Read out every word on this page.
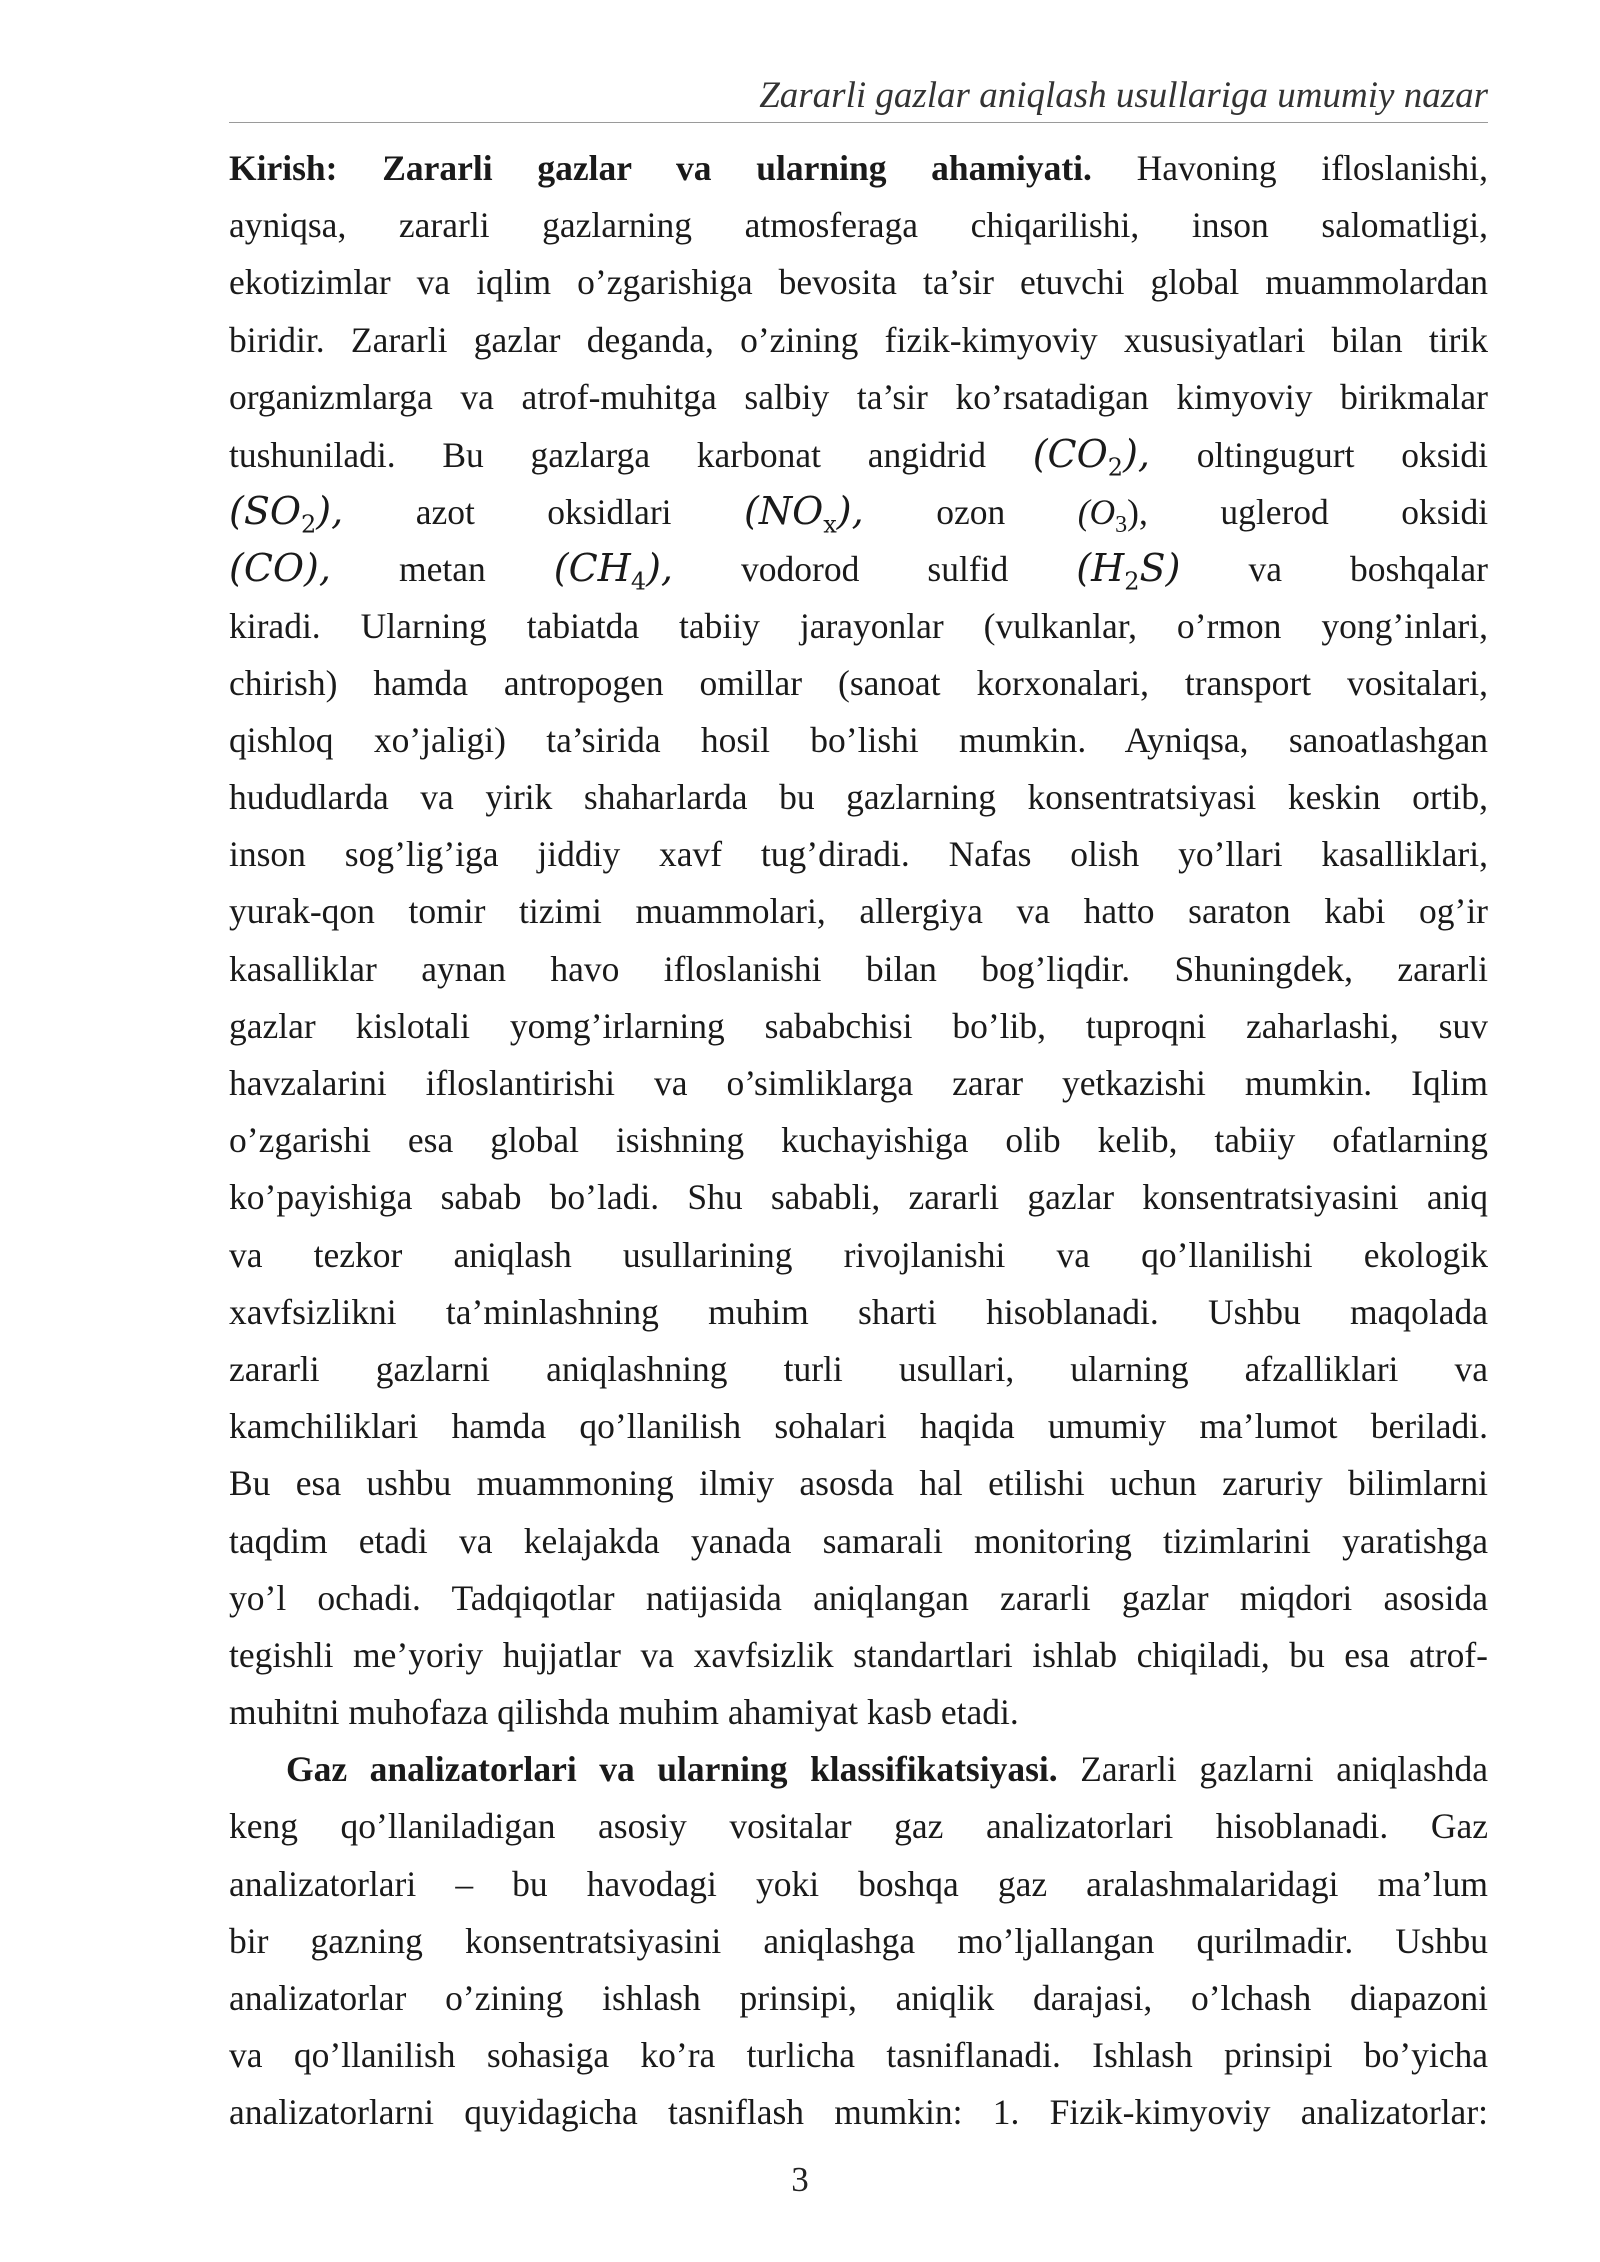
Zararli gazlar aniqlash usullariga umumiy nazar
Kirish: Zararli gazlar va ularning ahamiyati. Havoning ifloslanishi,
ayniqsa, zararli gazlarning atmosferaga chiqarilishi, inson salomatligi,
ekotizimlar va iqlim o’zgarishiga bevosita ta’sir etuvchi global muammolardan
biridir. Zararli gazlar deganda, o’zining fizik-kimyoviy xususiyatlari bilan tirik
organizmlarga va atrof-muhitga salbiy ta’sir ko’rsatadigan kimyoviy birikmalar
tushuniladi. Bu gazlarga karbonat angidrid $(CO_2)$, oltingugurt oksidi
$(SO_2)$, azot oksidlari $(NO_x)$, ozon $(O_3)$, uglerod oksidi
(CO), metan $(CH_4)$, vodorod sulfid $(H_2S)$ va boshqalar
kiradi. Ularning tabiatda tabiiy jarayonlar (vulkanlar, o’rmon yong’inlari,
chirish) hamda antropogen omillar (sanoat korxonalari, transport vositalari,
qishloq xo’jaligi) ta’sirida hosil bo’lishi mumkin. Ayniqsa, sanoatlashgan
hududlarda va yirik shaharlarda bu gazlarning konsentratsiyasi keskin ortib,
inson sog’lig’iga jiddiy xavf tug’diradi. Nafas olish yo’llari kasalliklari,
yurak-qon tomir tizimi muammolari, allergiya va hatto saraton kabi og’ir
kasalliklar aynan havo ifloslanishi bilan bog’liqdir. Shuningdek, zararli
gazlar kislotali yomg’irlarning sababchisi bo’lib, tuproqni zaharlashi, suv
havzalarini ifloslantirishi va o’simliklarga zarar yetkazishi mumkin. Iqlim
o’zgarishi esa global isishning kuchayishiga olib kelib, tabiiy ofatlarning
ko’payishiga sabab bo’ladi. Shu sababli, zararli gazlar konsentratsiyasini aniq
va tezkor aniqlash usullarining rivojlanishi va qo’llanilishi ekologik
xavfsizlikni ta’minlashning muhim sharti hisoblanadi. Ushbu maqolada
zararli gazlarni aniqlashning turli usullari, ularning afzalliklari va
kamchiliklari hamda qo’llanilish sohalari haqida umumiy ma’lumot beriladi.
Bu esa ushbu muammoning ilmiy asosda hal etilishi uchun zaruriy bilimlarni
taqdim etadi va kelajakda yanada samarali monitoring tizimlarini yaratishga
yo’l ochadi. Tadqiqotlar natijasida aniqlangan zararli gazlar miqdori asosida
tegishli me’yoriy hujjatlar va xavfsizlik standartlari ishlab chiqiladi, bu esa atrof-
muhitni muhofaza qilishda muhim ahamiyat kasb etadi.
Gaz analizatorlari va ularning klassifikatsiyasi. Zararli gazlarni aniqlashda
keng qo’llaniladigan asosiy vositalar gaz analizatorlari hisoblanadi. Gaz
analizatorlari – bu havodagi yoki boshqa gaz aralashmalaridagi ma’lum
bir gazning konsentratsiyasini aniqlashga mo’ljallangan qurilmadir. Ushbu
analizatorlar o’zining ishlash prinsipi, aniqlik darajasi, o’lchash diapazoni
va qo’llanilish sohasiga ko’ra turlicha tasniflanadi. Ishlash prinsipi bo’yicha
analizatorlarni quyidagicha tasniflash mumkin: 1. Fizik-kimyoviy analizatorlar:
3
